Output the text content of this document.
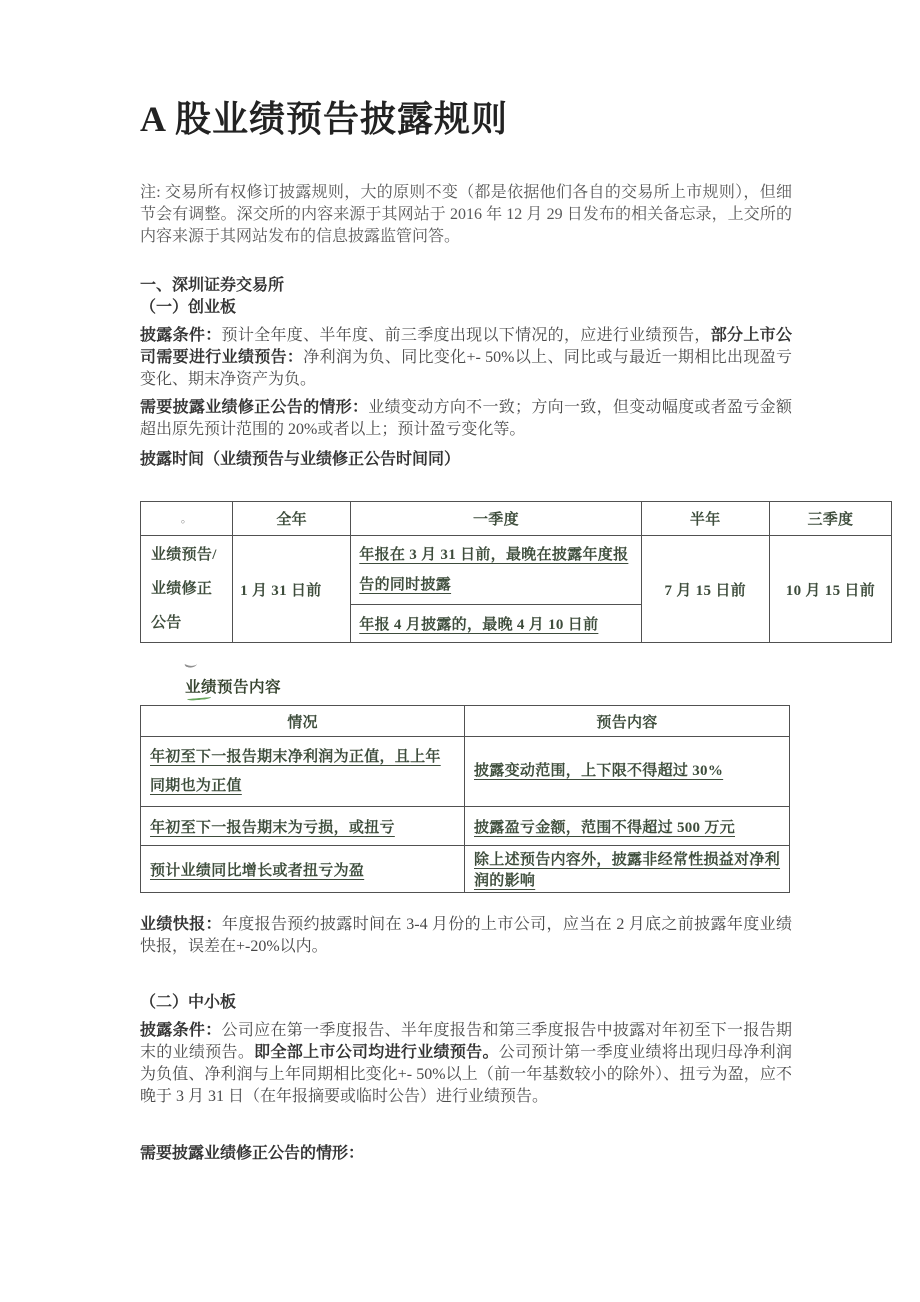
A 股业绩预告披露规则

注: 交易所有权修订披露规则，大的原则不变（都是依据他们各自的交易所上市规则），但细节会有调整。深交所的内容来源于其网站于 2016 年 12 月 29 日发布的相关备忘录，上交所的内容来源于其网站发布的信息披露监管问答。

一、深圳证券交易所

（一）创业板

披露条件：预计全年度、半年度、前三季度出现以下情况的，应进行业绩预告，部分上市公司需要进行业绩预告：净利润为负、同比变化+- 50%以上、同比或与最近一期相比出现盈亏变化、期末净资产为负。

需要披露业绩修正公告的情形：业绩变动方向不一致；方向一致，但变动幅度或者盈亏金额超出原先预计范围的 20%或者以上；预计盈亏变化等。

披露时间（业绩预告与业绩修正公告时间同）

。	全年	一季度	半年	三季度

业绩预告/
业绩修正
公告	1 月 31 日前	年报在 3 月 31 日前，最晚在披露年度报告的同时披露	7 月 15 日前	10 月 15 日前
		年报 4 月披露的，最晚 4 月 10 日前		
业绩预告内容
情况	预告内容
年初至下一报告期末净利润为正值，且上年同期也为正值	披露变动范围，上下限不得超过 30%
年初至下一报告期末为亏损，或扭亏	披露盈亏金额，范围不得超过 500 万元
预计业绩同比增长或者扭亏为盈	除上述预告内容外，披露非经常性损益对净利润的影响

业绩快报：年度报告预约披露时间在 3-4 月份的上市公司，应当在 2 月底之前披露年度业绩快报，误差在+-20%以内。

（二）中小板

披露条件：公司应在第一季度报告、半年度报告和第三季度报告中披露对年初至下一报告期末的业绩预告。即全部上市公司均进行业绩预告。公司预计第一季度业绩将出现归母净利润为负值、净利润与上年同期相比变化+- 50%以上（前一年基数较小的除外）、扭亏为盈，应不晚于 3 月 31 日（在年报摘要或临时公告）进行业绩预告。

需要披露业绩修正公告的情形：
